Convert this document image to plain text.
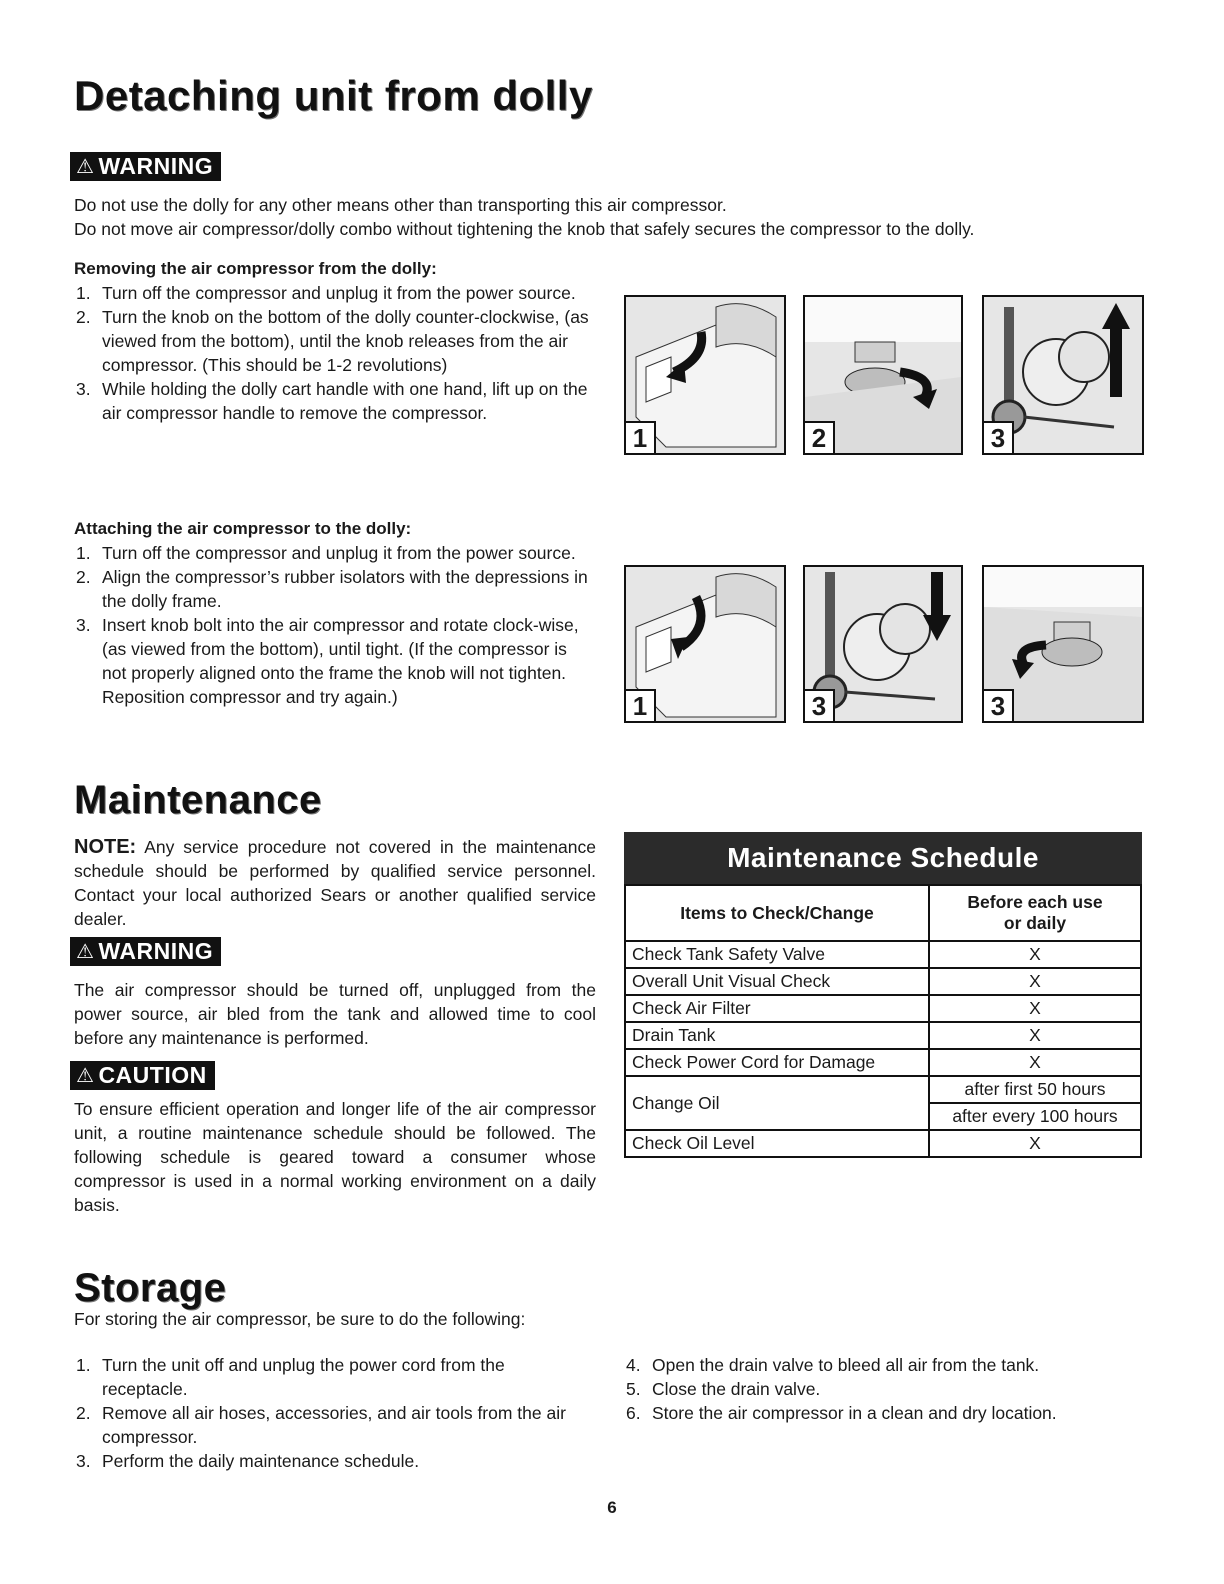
Detaching unit from dolly
⚠ WARNING

Do not use the dolly for any other means other than transporting this air compressor.

Do not move air compressor/dolly combo without tightening the knob that safely secures the compressor to the dolly.

Removing the air compressor from the dolly:

1. Turn off the compressor and unplug it from the power source.
2. Turn the knob on the bottom of the dolly counter-clockwise, (as viewed from the bottom), until the knob releases from the air compressor. (This should be 1-2 revolutions)
3. While holding the dolly cart handle with one hand, lift up on the air compressor handle to remove the compressor.
1	2	3

Attaching the air compressor to the dolly:

1. Turn off the compressor and unplug it from the power source.
2. Align the compressor’s rubber isolators with the depressions in the dolly frame.
3. Insert knob bolt into the air compressor and rotate clock-wise, (as viewed from the bottom), until tight. (If the compressor is not properly aligned onto the frame the knob will not tighten. Reposition compressor and try again.)	1	3	3
Maintenance

NOTE: Any service procedure not covered in the maintenance schedule should be performed by qualified service personnel. Contact your local authorized Sears or another qualified service dealer.

⚠ WARNING

The air compressor should be turned off, unplugged from the power source, air bled from the tank and allowed time to cool before any maintenance is performed.

⚠ CAUTION

To ensure efficient operation and longer life of the air compressor unit, a routine maintenance schedule should be followed. The following schedule is geared toward a consumer whose compressor is used in a normal working environment on a daily basis.

Maintenance Schedule
Items to Check/Change	Before each use
or daily

Check Tank Safety Valve	X
Overall Unit Visual Check	X
Check Air Filter	X
Drain Tank	X
Check Power Cord for Damage	X
Change Oil	after first 50 hours
	after every 100 hours
Check Oil Level	X
Storage

For storing the air compressor, be sure to do the following:

1. Turn the unit off and unplug the power cord from the receptacle.
2. Remove all air hoses, accessories, and air tools from the air compressor.
3. Perform the daily maintenance schedule.
4. Open the drain valve to bleed all air from the tank.
5. Close the drain valve.
6. Store the air compressor in a clean and dry location.
6
